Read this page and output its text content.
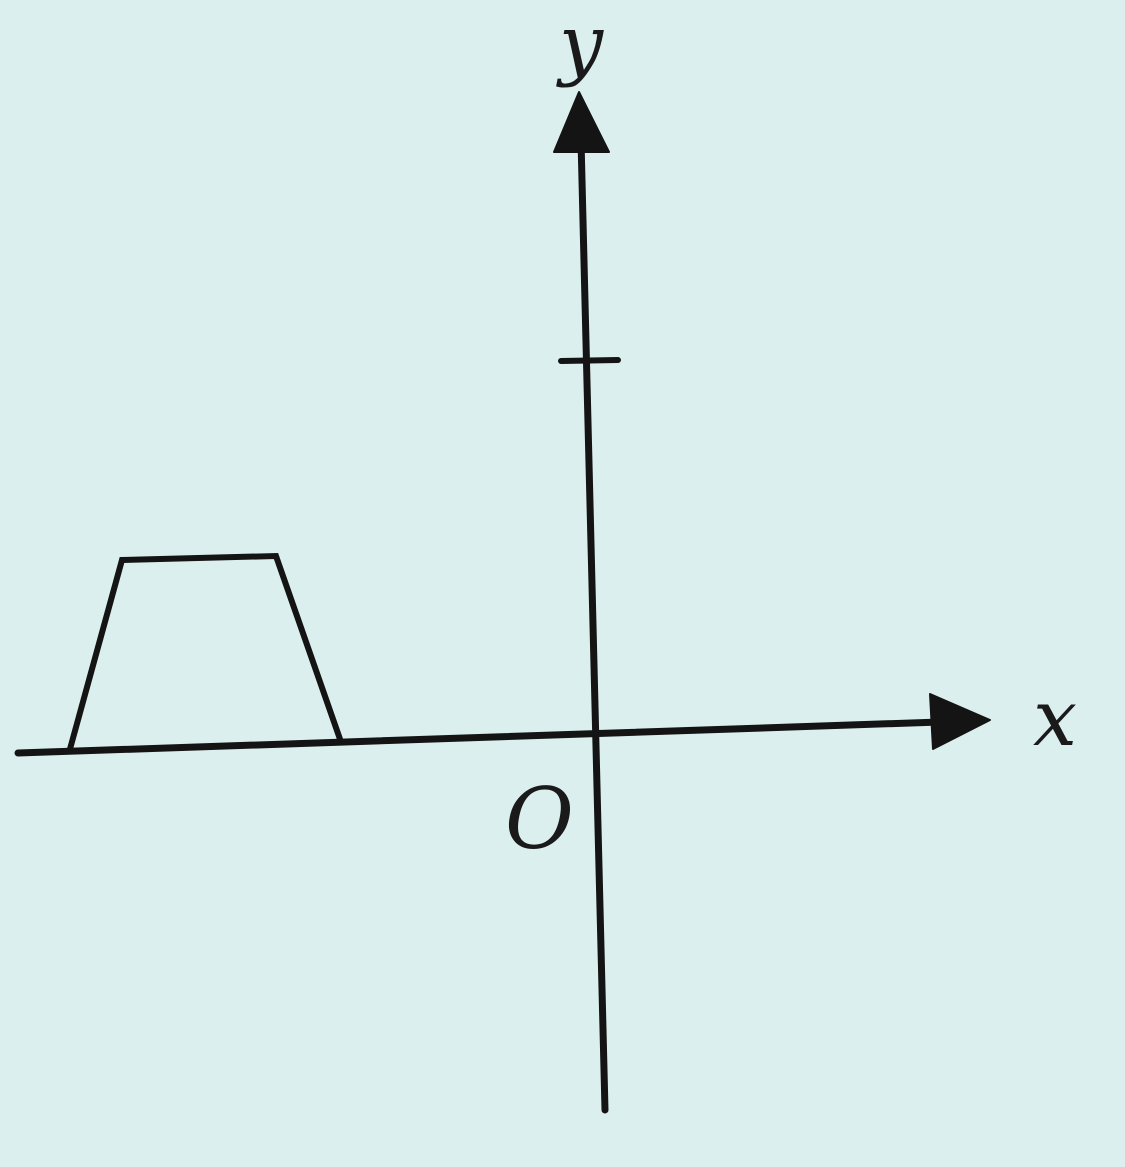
y
x
O
